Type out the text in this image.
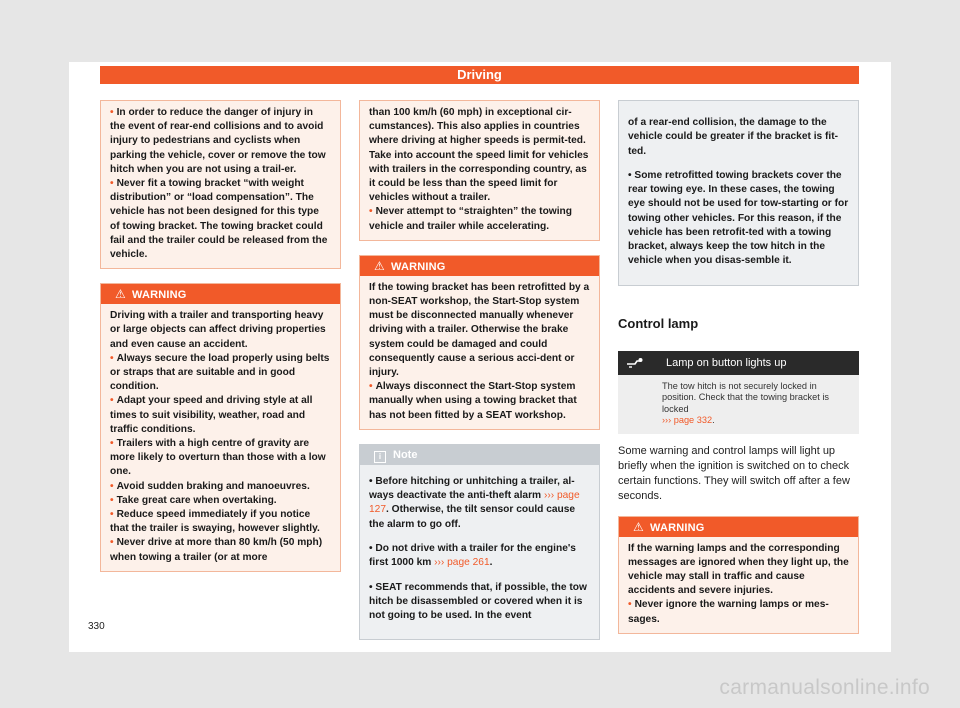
Driving

• In order to reduce the danger of injury in the event of rear-end collisions and to avoid injury to pedestrians and cyclists when parking the vehicle, cover or remove the tow hitch when you are not using a trail-er.

• Never fit a towing bracket “with weight distribution” or “load compensation”. The vehicle has not been designed for this type of towing bracket. The towing bracket could fail and the trailer could be released from the vehicle.

⚠ WARNING

Driving with a trailer and transporting heavy or large objects can affect driving properties and even cause an accident.

• Always secure the load properly using belts or straps that are suitable and in good condition.

• Adapt your speed and driving style at all times to suit visibility, weather, road and traffic conditions.

• Trailers with a high centre of gravity are more likely to overturn than those with a low one.

• Avoid sudden braking and manoeuvres.

• Take great care when overtaking.

• Reduce speed immediately if you notice that the trailer is swaying, however slightly.

• Never drive at more than 80 km/h (50 mph) when towing a trailer (or at more

than 100 km/h (60 mph) in exceptional cir-cumstances). This also applies in countries where driving at higher speeds is permit-ted. Take into account the speed limit for vehicles with trailers in the corresponding country, as it could be less than the speed limit for vehicles without a trailer.

• Never attempt to “straighten” the towing vehicle and trailer while accelerating.

⚠ WARNING

If the towing bracket has been retrofitted by a non-SEAT workshop, the Start-Stop system must be disconnected manually whenever driving with a trailer. Otherwise the brake system could be damaged and could consequently cause a serious acci-dent or injury.

• Always disconnect the Start-Stop system manually when using a towing bracket that has not been fitted by a SEAT workshop.

i Note

• Before hitching or unhitching a trailer, al-ways deactivate the anti-theft alarm ››› page 127. Otherwise, the tilt sensor could cause the alarm to go off.

• Do not drive with a trailer for the engine's first 1000 km ››› page 261.

• SEAT recommends that, if possible, the tow hitch be disassembled or covered when it is not going to be used. In the event

of a rear-end collision, the damage to the vehicle could be greater if the bracket is fit-ted.

• Some retrofitted towing brackets cover the rear towing eye. In these cases, the towing eye should not be used for tow-starting or for towing other vehicles. For this reason, if the vehicle has been retrofit-ted with a towing bracket, always keep the tow hitch in the vehicle when you disas-semble it.

Control lamp

Lamp on button lights up
The tow hitch is not securely locked in position. Check that the towing bracket is locked
››› page 332.

Some warning and control lamps will light up briefly when the ignition is switched on to check certain functions. They will switch off after a few seconds.

⚠ WARNING

If the warning lamps and the corresponding messages are ignored when they light up, the vehicle may stall in traffic and cause accidents and severe injuries.

• Never ignore the warning lamps or mes-sages.

330
carmanualsonline.info
